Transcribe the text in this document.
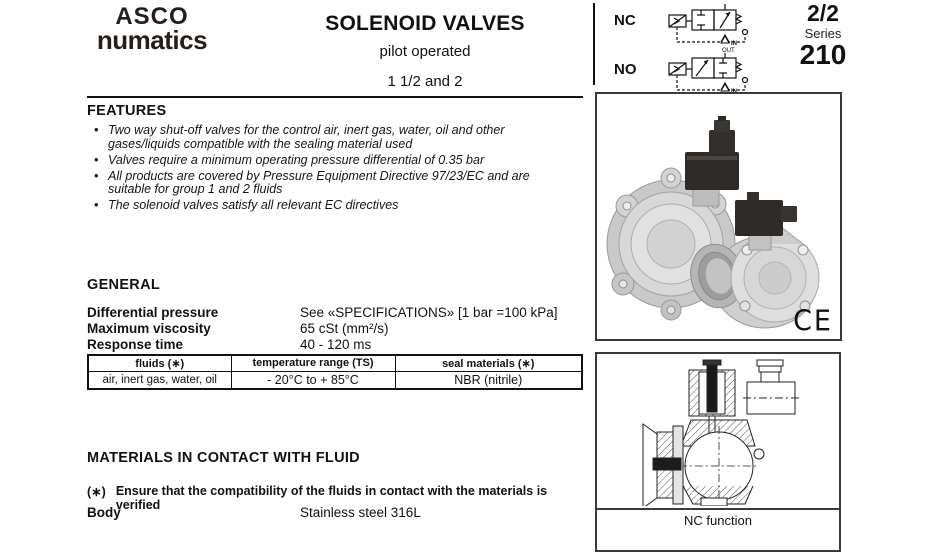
ASCO
numatics
SOLENOID VALVES
pilot operated
1 1/2 and 2
NC
NO
IN
OUT
2/2
Series
210
FEATURES
• Two way shut-off valves for the control air, inert gas, water, oil and other gases/liquids compatible with the sealing material used
• Valves require a minimum operating pressure differential of 0.35 bar
• All products are covered by Pressure Equipment Directive 97/23/EC and are suitable for group 1 and 2 fluids
• The solenoid valves satisfy all relevant EC directives
GENERAL
Differential pressure	See «SPECIFICATIONS» [1 bar =100 kPa]
Maximum viscosity	65 cSt (mm²/s)
Response time	40 - 120 ms
fluids (∗)	temperature range (TS)	seal materials (∗)
air, inert gas, water, oil	- 20°C to + 85°C	NBR (nitrile)
MATERIALS IN CONTACT WITH FLUID
(∗) Ensure that the compatibility of the fluids in contact with the materials is verified
Body	Stainless steel 316L
CE
NC function
